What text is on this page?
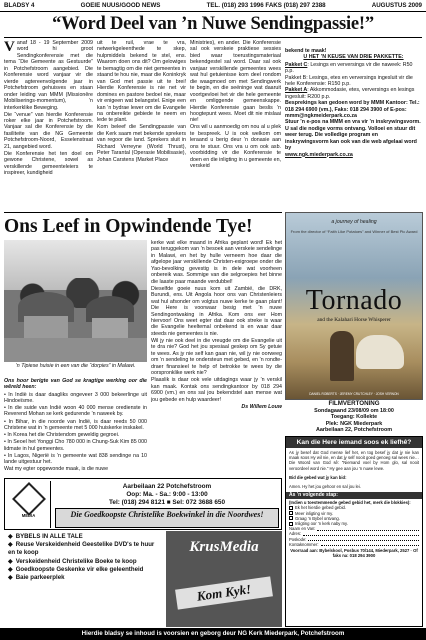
BLADSY 4	GOEIE NUUS/GOOD NEWS	TEL. (018) 293 1996 FAKS (018) 297 2388	AUGUSTUS 2009
“Word Deel van ’n Nuwe Sendingpassie!”
V anaf 18 - 19 September 2009 word hi groot Sendingkonferensie met die tema “Die Gemeente as Gestuurde” in Potchefstroom aangebied. Die Konferensie word vanjaar vir die vierde agtereenvolgende jaar in Potchefstroom gehuisves en staan onder leiding van MMM (Missionêre Mobiliserings-momentum), ’n interkerklike Beweging.

Die “venue” van hierdie Konferensie roker elke jaar in Potchefstroom. Vanjaar sal die Konferensie by die fasiliteite van die NG Gemeente Potchefstroom-Noord, Esselenstraat 21, aangebied word.

Die Konferensie het ten doel om gewone Christene, sowel as verskillende gemeenteleiers te inspireer, kundigheid

uit te ruil, vrae te vra, netwerkgeleenthede te skep, hulpmiddels bekend te stel, ens. Waarom doen ons dit? Om gelowiges te bemagtig om die niet gemeentes in staand te hou nie, maar die Koninkryk van God met passie uit te brei! Hierdie Konferensie is nie net vir domines en pastore bedoel nie, maar vir enigeen wat belangstel. Enige een kan ’n bydrae lewer om die Evangelie na onbereikte gebiede te neem en lede te plant.

Kom beleef die Sendingpassie van die Kerk saam met bekende sprekers van regoor die land. Sprekers sluit in Richard Verreyne (World Thrust), Peter Tarantal (Operasie Mobilisasie), Johan Carstens (Market Place

Ministries), en ander. Die Konferensie sal ook verskeie praktiese sessies bied waar toerustingsmateriaal bekendgestel sal word. Daar sal ook vanjaar verskillende gemeentes wees wat hul getuienisse kom deel rondom die waagmoed om met Sendingwerk te begin, en die seëninge wat daaruit voortgevloei het vir die hele gemeente en omliggende gemeenskappe. Hierdie Konferensie gaan beslis ’n hoogtepunt wees. Moet dit nie mislaai nie!

Ons wil u aanmoedig om nou al u plek te bespreek. U is ook welkom om leraand u berig deur ’n donasie aan ons te stuur. Ons vra u om ook asb. voorbidding vir die Konferensie te doen en die inligting in u gemeente en, verskeid

bekend te maak!
U HET ’N KEUSE VAN DRIE PAKKETTE:
Pakket C: Lesings en verversings vir die naweek: R50 p.p.
Pakket B: Lesings, etes en verversings ingesluit vir die hele Konferensie: R150 p.p.
Pakket A: Akkommodasie, etes, verversings en lesings ingesluit: R200 p.p.
Besprekings kan gedoen word by MMM Kantoor: Tel.: 018 294 6900 (vm.), Faks: 018 294 3900 of E-pos: mmm@ngkmeiderpark.co.za
Stuur ’n e-pos na MMM en vra vir ’n inskrywingsvorm. U sal die nodige vorms ontvang. Volloei en stuur dit weer terug. Die volledige program en inskrywingsvorm kan ook van die web afgelaai word by
www.ngk.miederpark.co.za
Ons Leef in Opwindende Tye!
’n Tipiese huisie in een van die “dorpies” in Malawi.

Ons hoor berigte van God se kragtige werking oor die wêreld heen:

• In Indië is daar daagliks ongeveer 3 000 bekeerlinge uit Hindoeïsme.

• In die suide van Indië woon 40 000 mense oredienste in Reverend Mohan se kerk gedurende ’n naweek by.

• In Bihar, in die noorde van Indië, is daar reeds 50 000 Christene wat in ’n gemeente met 5 000 huiskerke inskakel.

• In Korea het die Christendom geweldig gegroei.

• In Seoel het Yonggi Cho 780 000 in Chung-Suk Kim 85 000 lidmate in hul gemeentes.

• In Lagos, Nigerië is ’n gemeente wat 838 sendinge na 10 lande uitgestuur het.

Wat my egter opgewonde maak, is die nuwe

kerke wat elke maand in Afrika geplant word! Ek het pas teruggekom van ’n besoek aan verskeie sendelinge in Malawi, en het by hulle verneem hoe daar die afgelope jaar verskillende Christen-exigroepe onder die Yao-bevolking gevestig is in dele wat voorheen onbereik was. Sommige van die selgroepies het binne die laaste paar maande verdubbel!

Dieselfde goeie nuus kom uit Zambië, die DRK, Burundi, ens. Uit Angola hoor ons van Christenleiers wat hul afsonder om volgtus nuwe kerke te gaan plant! Die Here is voorwaar besig met ’n nuwe Sendingontwaking in Afrika. Kom ons eer Hom hiervoor! Ons weet egter dat daar ook streke is waar die Evangelie heeltemal onbekend is en waar daar steeds nie gemeentes is nie.

Wil jy nie ook deel in die vreugde om die Evangelie uit te dra nie? God het jou spesiaal geskep om Sy getuie te wees. As jy nie self kan gaan nie, wil jy nie oorweeg om ’n sendeling te ondersteun met gebed, en ’n rondte-draer finansieel te help of betrokke te wees by die oorspronklike werk nie?

Plaaslik is daar ook vele uitdagings waar jy ’n verskil kan maak. Kontak ons sendingkantoor by 018 294 6900 (vm.) en ons sal jou bekendstel aan mense wat jou gebede en hulp waardeer!

Ds Willem Louw

a journey of healing
From the director of “Faith Like Potatoes” and Winner of Best Pic Award
Tornado
and the Kalahari Horse Whisperer
DANIEL ROBERTS · JEREMY CRUTCHLEY · JOSH VERNON
FILMVERTONING
Sondagaand 23/08/09 om 18:00
Toegang: Kollekte
Plek: NGK Miederpark
Aarbeilaan 22, Potchefstroom
MEDIA
Aarbeilaan 22 Potchefstroom
Oop: Ma. - Sa.: 9:00 - 13:00
Tel: (018) 294 8121 ■ Sel: 072 3688 650
Die Goedkoopste Christelike Boekwinkel in die Noordwes!
◆ BYBELS IN ALLE TALE
◆ Reuse Verskeidenheid Geestelike DVD's te huur en te koop
◆ Verskeidenheid Christelike Boeke te koop
◆ Goedkoopste Geskenke vir elke geleentheid
◆ Baie parkeerplek
KrusMedia
Kom Kyk!
Kan die Here iemand soos ek liefhê?
As jy besef dat God mense lief het, en tog besef jy dat jy nie kan maak soos Hy wil nie, en dat jy self nooit goed genoeg sal wees nie… Die Woord van God sê: “Niemand voel by Hom glo, sal nooit veroordeel word nie.” Hy gee aan jou ’n nuwe lewe.
Bid die gebed wat jy kan bid:
Amen. Hy het jou gehoor en sal jou lei.
As ’n volgende stap:
(Indien u toestemmende gebed gebid het, merk die blokkies):
Ek het hierdie gebed gebid.
Meer inligting vir my.
Graag ’n Bybel ontvang.
Inligting oor ’n kerk naby my.
Naam en Van:
Adres:
Poskode:
Kontaknommer:
Voorraad aan: Bybelskool, Posbus 70/144, Miederpark, 2527 · Of faks na: 018 294 3900
Hierdie bladsy se inhoud is voorsien en geborg deur NG Kerk Miederpark, Potchefstroom
